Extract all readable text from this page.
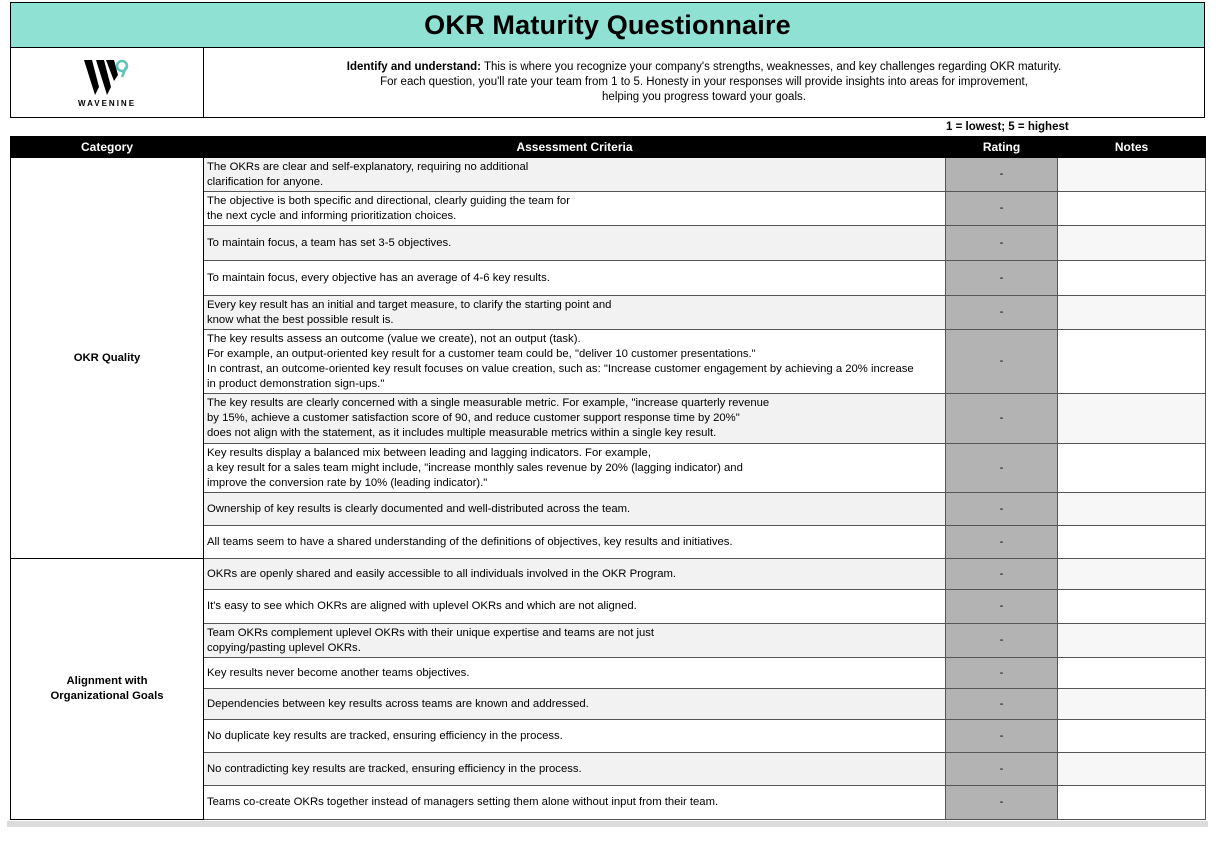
OKR Maturity Questionnaire
WAVENINE
Identify and understand: This is where you recognize your company's strengths, weaknesses, and key challenges regarding OKR maturity.
For each question, you'll rate your team from 1 to 5. Honesty in your responses will provide insights into areas for improvement,
helping you progress toward your goals.
1 = lowest; 5 = highest
Category	Assessment Criteria	Rating	Notes
OKR Quality	The OKRs are clear and self-explanatory, requiring no additional
clarification for anyone.	-	
	The objective is both specific and directional, clearly guiding the team for
the next cycle and informing prioritization choices.	-	
	To maintain focus, a team has set 3-5 objectives.	-	
	To maintain focus, every objective has an average of 4-6 key results.	-	
	Every key result has an initial and target measure, to clarify the starting point and
know what the best possible result is.	-	
	The key results assess an outcome (value we create), not an output (task).
For example, an output-oriented key result for a customer team could be, "deliver 10 customer presentations."
In contrast, an outcome-oriented key result focuses on value creation, such as: "Increase customer engagement by achieving a 20% increase
in product demonstration sign-ups."	-	
	The key results are clearly concerned with a single measurable metric. For example, "increase quarterly revenue
by 15%, achieve a customer satisfaction score of 90, and reduce customer support response time by 20%"
does not align with the statement, as it includes multiple measurable metrics within a single key result.	-	
	Key results display a balanced mix between leading and lagging indicators. For example,
a key result for a sales team might include, "increase monthly sales revenue by 20% (lagging indicator) and
improve the conversion rate by 10% (leading indicator)."	-	
	Ownership of key results is clearly documented and well-distributed across the team.	-	
	All teams seem to have a shared understanding of the definitions of objectives, key results and initiatives.	-	
Alignment with
Organizational Goals	OKRs are openly shared and easily accessible to all individuals involved in the OKR Program.	-	
	It's easy to see which OKRs are aligned with uplevel OKRs and which are not aligned.	-	
	Team OKRs complement uplevel OKRs with their unique expertise and teams are not just
copying/pasting uplevel OKRs.	-	
	Key results never become another teams objectives.	-	
	Dependencies between key results across teams are known and addressed.	-	
	No duplicate key results are tracked, ensuring efficiency in the process.	-	
	No contradicting key results are tracked, ensuring efficiency in the process.	-	
	Teams co-create OKRs together instead of managers setting them alone without input from their team.	-	
